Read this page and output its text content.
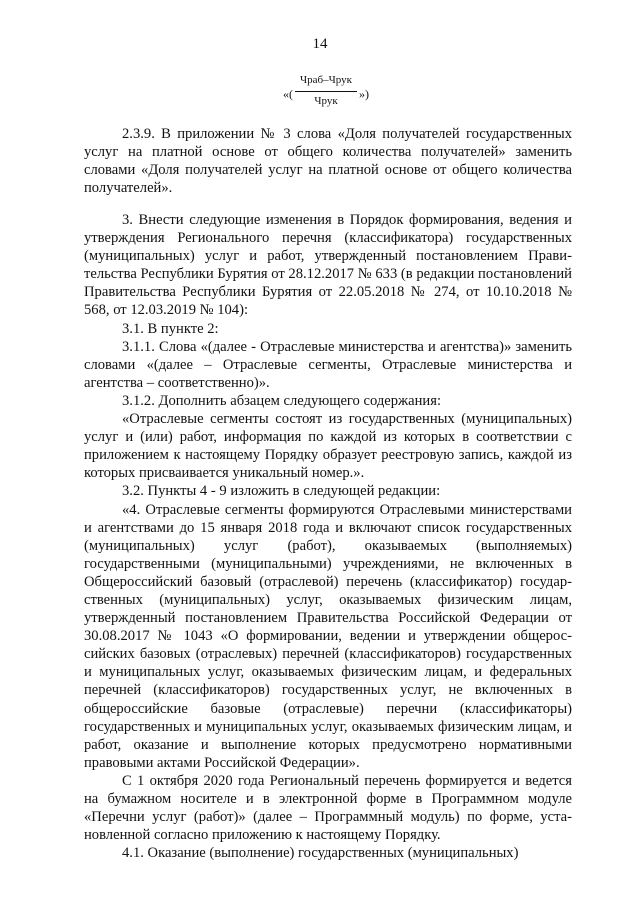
14
«(
Чраб–Чрук
Чрук	»)

2.3.9. В приложении № 3 слова «Доля получателей государственных услуг на платной основе от общего количества получателей» заменить словами «Доля получателей услуг на платной основе от общего количества получателей».

3. Внести следующие изменения в Порядок формирования, ведения и утверждения Регионального перечня (классификатора) государственных (муниципальных) услуг и работ, утвержденный постановлением Правительства Республики Бурятия от 28.12.2017 № 633 (в редакции постановлений Правительства Республики Бурятия от 22.05.2018 № 274, от 10.10.2018 № 568, от 12.03.2019 № 104):

3.1. В пункте 2:

3.1.1. Слова «(далее - Отраслевые министерства и агентства)» заменить словами «(далее – Отраслевые сегменты, Отраслевые министерства и агентства – соответственно)».

3.1.2. Дополнить абзацем следующего содержания:

«Отраслевые сегменты состоят из государственных (муниципальных) услуг и (или) работ, информация по каждой из которых в соответствии с приложением к настоящему Порядку образует реестровую запись, каждой из которых присваивается уникальный номер.».

3.2. Пункты 4 - 9 изложить в следующей редакции:

«4. Отраслевые сегменты формируются Отраслевыми министерствами и агентствами до 15 января 2018 года и включают список государственных (муниципальных) услуг (работ), оказываемых (выполняемых) государственными (муниципальными) учреждениями, не включенных в Общероссийский базовый (отраслевой) перечень (классификатор) государственных (муниципальных) услуг, оказываемых физическим лицам, утвержденный постановлением Правительства Российской Федерации от 30.08.2017 № 1043 «О формировании, ведении и утверждении общероссийских базовых (отраслевых) перечней (классификаторов) государственных и муниципальных услуг, оказываемых физическим лицам, и федеральных перечней (классификаторов) государственных услуг, не включенных в общероссийские базовые (отраслевые) перечни (классификаторы) государственных и муниципальных услуг, оказываемых физическим лицам, и работ, оказание и выполнение которых предусмотрено нормативными правовыми актами Российской Федерации».

С 1 октября 2020 года Региональный перечень формируется и ведется на бумажном носителе и в электронной форме в Программном модуле «Перечни услуг (работ)» (далее – Программный модуль) по форме, установленной согласно приложению к настоящему Порядку.

4.1. Оказание (выполнение) государственных (муниципальных)
